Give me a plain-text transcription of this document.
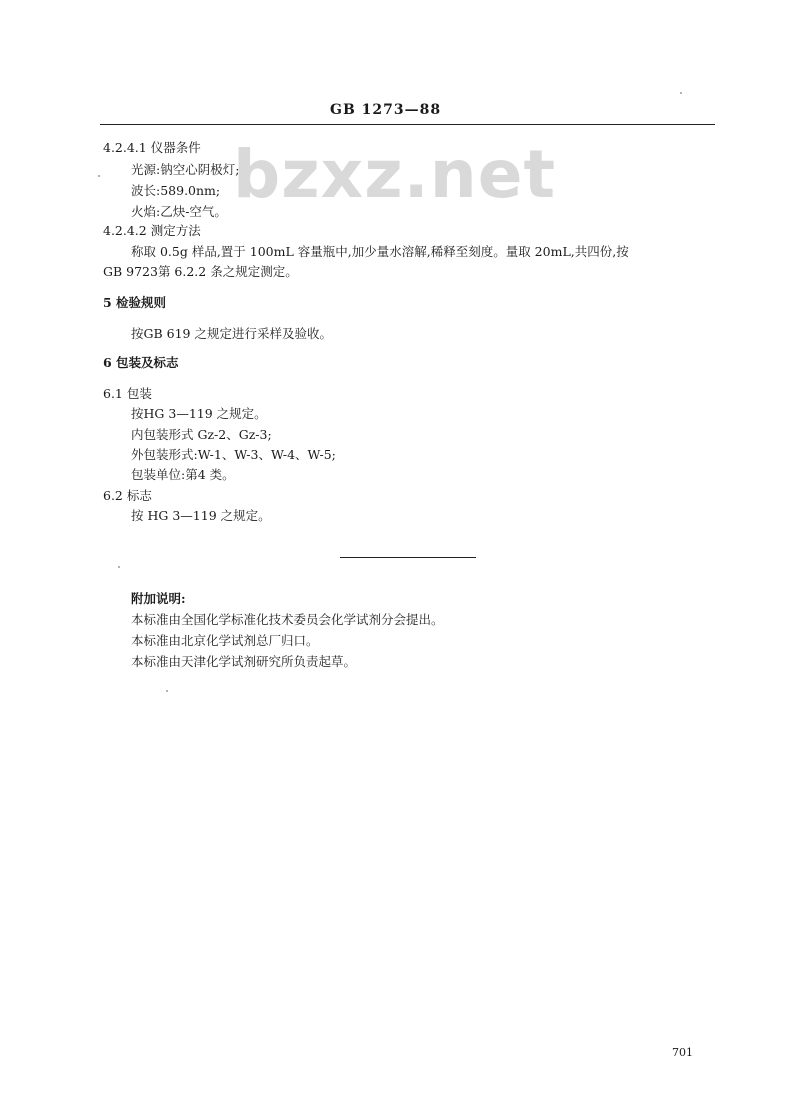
bzxz.net
GB 1273—88
4.2.4.1 仪器条件
光源:钠空心阴极灯;
波长:589.0nm;
火焰:乙炔-空气。
4.2.4.2 测定方法
称取 0.5g 样品,置于 100mL 容量瓶中,加少量水溶解,稀释至刻度。量取 20mL,共四份,按
GB 9723第 6.2.2 条之规定测定。
5 检验规则
按GB 619 之规定进行采样及验收。
6 包装及标志
6.1 包装
按HG 3—119 之规定。
内包装形式 Gz-2、Gz-3;
外包装形式:W-1、W-3、W-4、W-5;
包装单位:第4 类。
6.2 标志
按 HG 3—119 之规定。
附加说明:
本标准由全国化学标准化技术委员会化学试剂分会提出。
本标准由北京化学试剂总厂归口。
本标准由天津化学试剂研究所负责起草。
701
